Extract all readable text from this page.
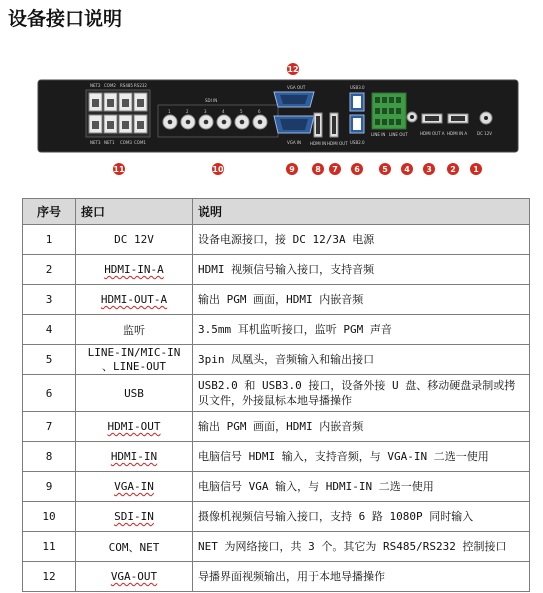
设备接口说明
NET2 COM2 RS485 RS232
NET3 NET1 COM3 COM1
SDI IN
1	2	3	4	5	6
VGA OUT
VGA IN HDMI IN HDMI OUT
USB3.0
USB2.0
LINE IN LINE OUT	HDMI OUT A HDMI IN A DC 12V
12
11	10	9	8 7 6	5 4 3 2 1
序号	接口	说明
1	DC 12V	设备电源接口，接 DC 12/3A 电源
2	HDMI-IN-A	HDMI 视频信号输入接口，支持音频
3	HDMI-OUT-A	输出 PGM 画面，HDMI 内嵌音频
4	监听	3.5mm 耳机监听接口，监听 PGM 声音
5	LINE-IN/MIC-IN
、LINE-OUT	3pin 凤凰头，音频输入和输出接口
6	USB	USB2.0 和 USB3.0 接口，设备外接 U 盘、移动硬盘录制或拷贝文件，外接鼠标本地导播操作
7	HDMI-OUT	输出 PGM 画面，HDMI 内嵌音频
8	HDMI-IN	电脑信号 HDMI 输入，支持音频，与 VGA-IN 二选一使用
9	VGA-IN	电脑信号 VGA 输入，与 HDMI-IN 二选一使用
10	SDI-IN	摄像机视频信号输入接口，支持 6 路 1080P 同时输入
11	COM、NET	NET 为网络接口，共 3 个。其它为 RS485/RS232 控制接口
12	VGA-OUT	导播界面视频输出，用于本地导播操作
